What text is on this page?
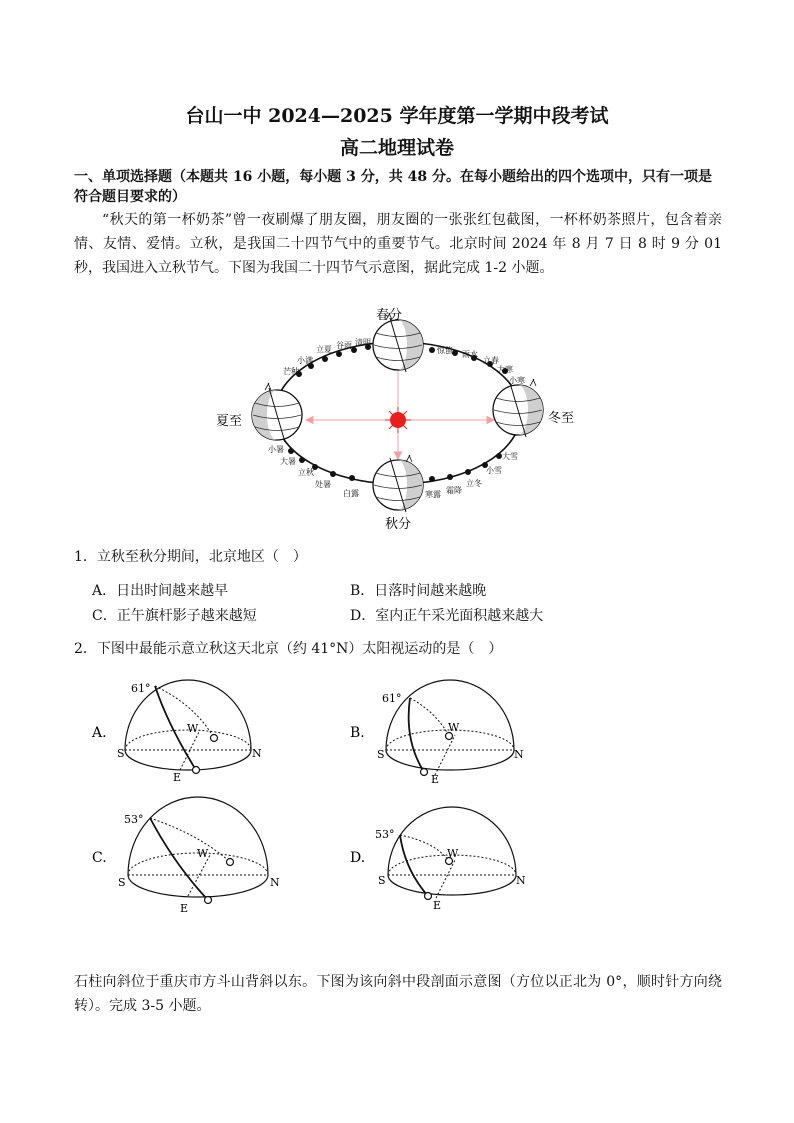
台山一中 2024—2025 学年度第一学期中段考试
高二地理试卷
一、单项选择题（本题共 16 小题，每小题 3 分，共 48 分。在每小题给出的四个选项中，只有一项是符合题目要求的）
“秋天的第一杯奶茶”曾一夜刷爆了朋友圈，朋友圈的一张张红包截图，一杯杯奶茶照片，包含着亲情、友情、爱情。立秋，是我国二十四节气中的重要节气。北京时间 2024 年 8 月 7 日 8 时 9 分 01 秒，我国进入立秋节气。下图为我国二十四节气示意图，据此完成 1-2 小题。
春分
夏至
秋分
冬至
清明
谷雨
立夏
小满
芒种
惊蛰 雨水
立春
大寒
小寒
小暑
大暑
立秋
处暑
白露	寒露 霜降
立冬
小雪
大雪
1．立秋至秋分期间，北京地区（　）
A．日出时间越来越早	B．日落时间越来越晚
C．正午旗杆影子越来越短	D．室内正午采光面积越来越大
2．下图中最能示意立秋这天北京（约 41°N）太阳视运动的是（　）
A.
61°
S	N
E
W	B.
61°
S	N
E
W
C.
53°
S	N
E
W	D.
53°
S	N
E
W
石柱向斜位于重庆市方斗山背斜以东。下图为该向斜中段剖面示意图（方位以正北为 0°，顺时针方向绕转）。完成 3-5 小题。
